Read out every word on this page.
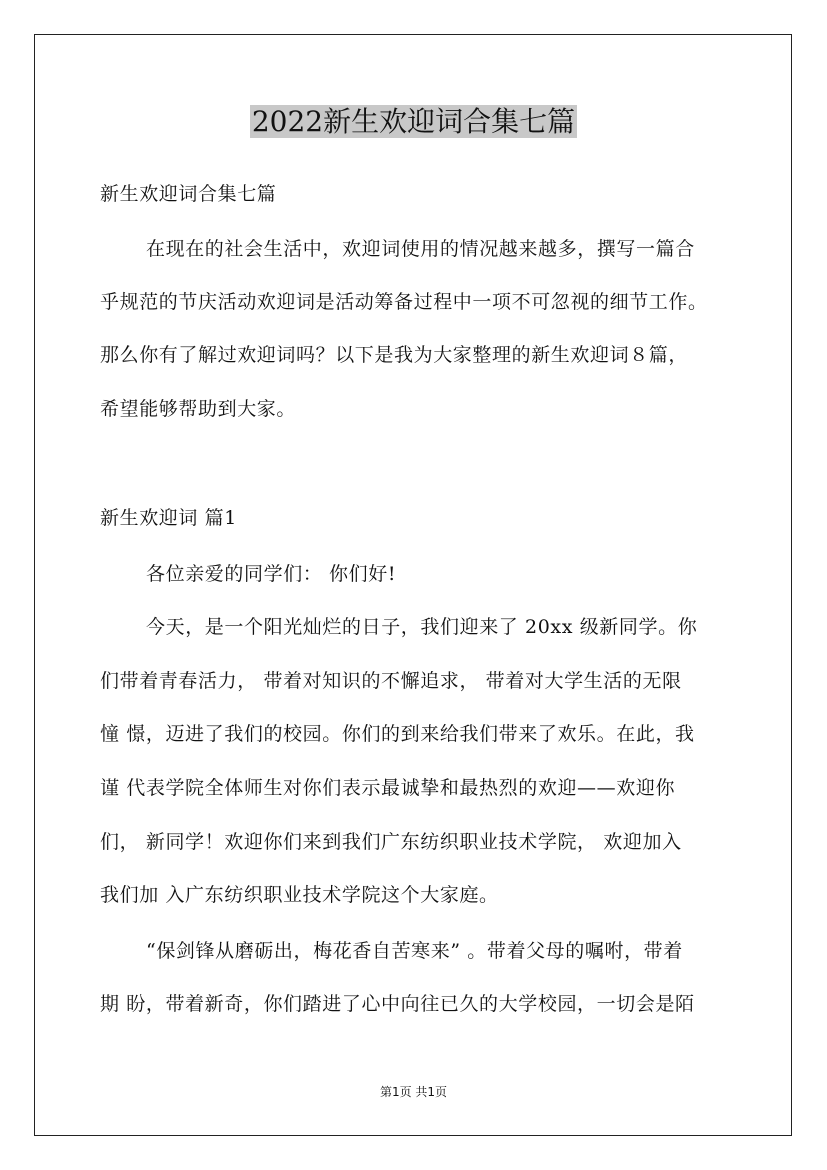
2022新生欢迎词合集七篇
新生欢迎词合集七篇
在现在的社会生活中，欢迎词使用的情况越来越多，撰写一篇合
乎规范的节庆活动欢迎词是活动筹备过程中一项不可忽视的细节工作。
那么你有了解过欢迎词吗？以下是我为大家整理的新生欢迎词８篇，
希望能够帮助到大家。
新生欢迎词 篇1
各位亲爱的同学们： 你们好!
今天，是一个阳光灿烂的日子，我们迎来了 20xx 级新同学。你
们带着青春活力， 带着对知识的不懈追求， 带着对大学生活的无限
憧 憬，迈进了我们的校园。你们的到来给我们带来了欢乐。在此，我
谨 代表学院全体师生对你们表示最诚挚和最热烈的欢迎——欢迎你
们， 新同学！欢迎你们来到我们广东纺织职业技术学院， 欢迎加入
我们加 入广东纺织职业技术学院这个大家庭。
“保剑锋从磨砺出，梅花香自苦寒来” 。带着父母的嘱咐，带着
期 盼，带着新奇，你们踏进了心中向往已久的大学校园，一切会是陌
第1页 共1页
